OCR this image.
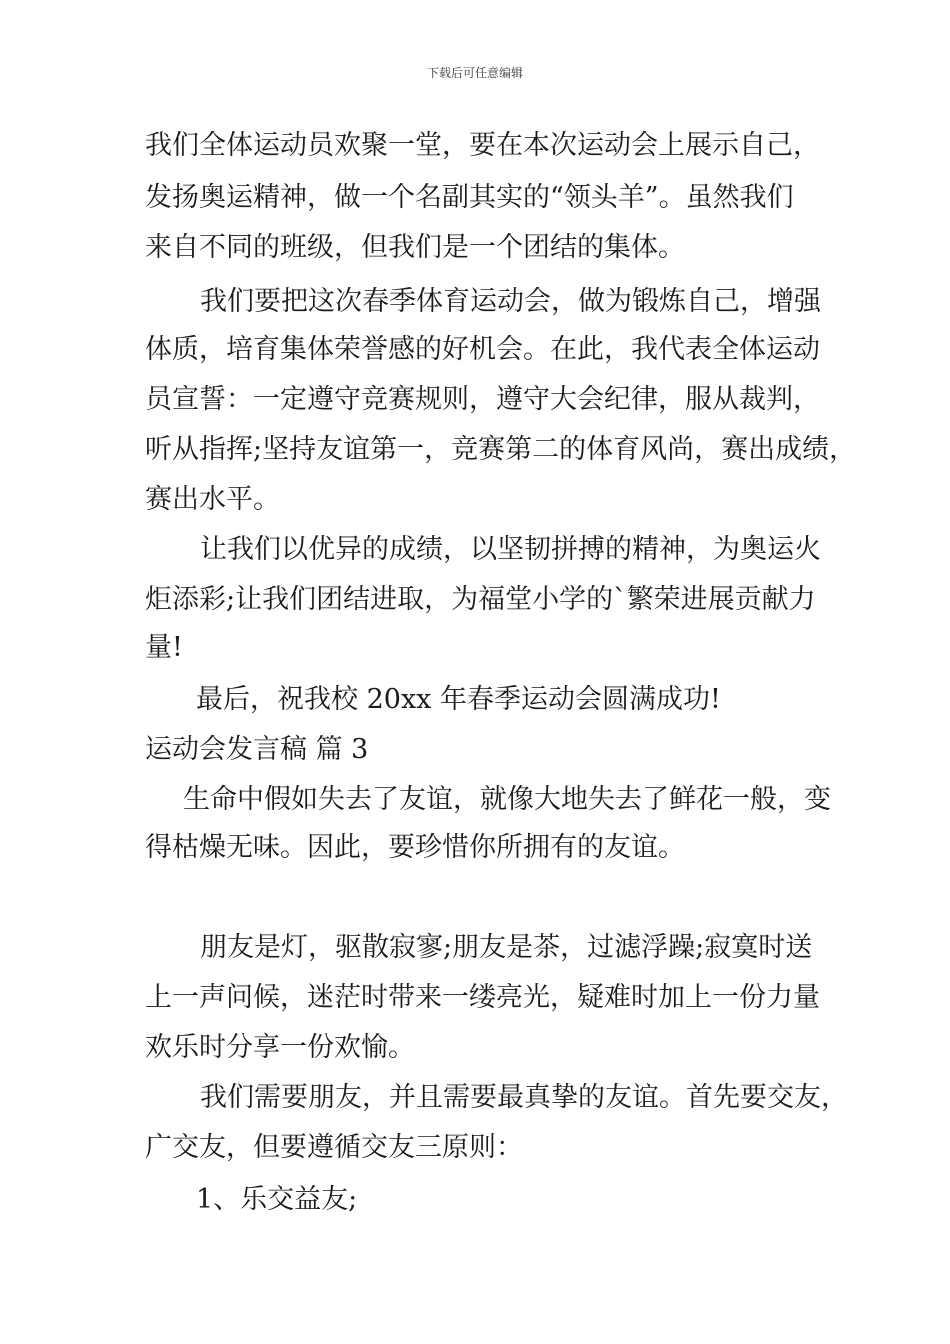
下载后可任意编辑
我们全体运动员欢聚一堂，要在本次运动会上展示自己，
发扬奥运精神，做一个名副其实的“领头羊”。虽然我们
来自不同的班级，但我们是一个团结的集体。
我们要把这次春季体育运动会，做为锻炼自己，增强
体质，培育集体荣誉感的好机会。在此，我代表全体运动
员宣誓：一定遵守竞赛规则，遵守大会纪律，服从裁判，
听从指挥;坚持友谊第一，竞赛第二的体育风尚，赛出成绩，
赛出水平。
让我们以优异的成绩，以坚韧拼搏的精神，为奥运火
炬添彩;让我们团结进取，为福堂小学的`繁荣进展贡献力
量!
最后，祝我校 20xx 年春季运动会圆满成功!
运动会发言稿 篇 3
生命中假如失去了友谊，就像大地失去了鲜花一般，变
得枯燥无味。因此，要珍惜你所拥有的友谊。
朋友是灯，驱散寂寥;朋友是茶，过滤浮躁;寂寞时送
上一声问候，迷茫时带来一缕亮光，疑难时加上一份力量
欢乐时分享一份欢愉。
我们需要朋友，并且需要最真挚的友谊。首先要交友，
广交友，但要遵循交友三原则：
1、乐交益友;
